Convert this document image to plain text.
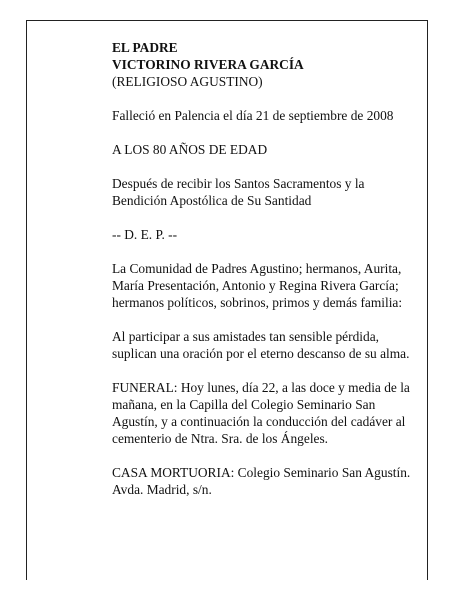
EL PADRE
VICTORINO RIVERA GARCÍA
(RELIGIOSO AGUSTINO)
Falleció en Palencia el día 21 de septiembre de 2008
A LOS 80 AÑOS DE EDAD
Después de recibir los Santos Sacramentos y la
Bendición Apostólica de Su Santidad
-- D. E. P. --
La Comunidad de Padres Agustino; hermanos, Aurita,
María Presentación, Antonio y Regina Rivera García;
hermanos políticos, sobrinos, primos y demás familia:
Al participar a sus amistades tan sensible pérdida,
suplican una oración por el eterno descanso de su alma.
FUNERAL: Hoy lunes, día 22, a las doce y media de la
mañana, en la Capilla del Colegio Seminario San
Agustín, y a continuación la conducción del cadáver al
cementerio de Ntra. Sra. de los Ángeles.
CASA MORTUORIA: Colegio Seminario San Agustín.
Avda. Madrid, s/n.
